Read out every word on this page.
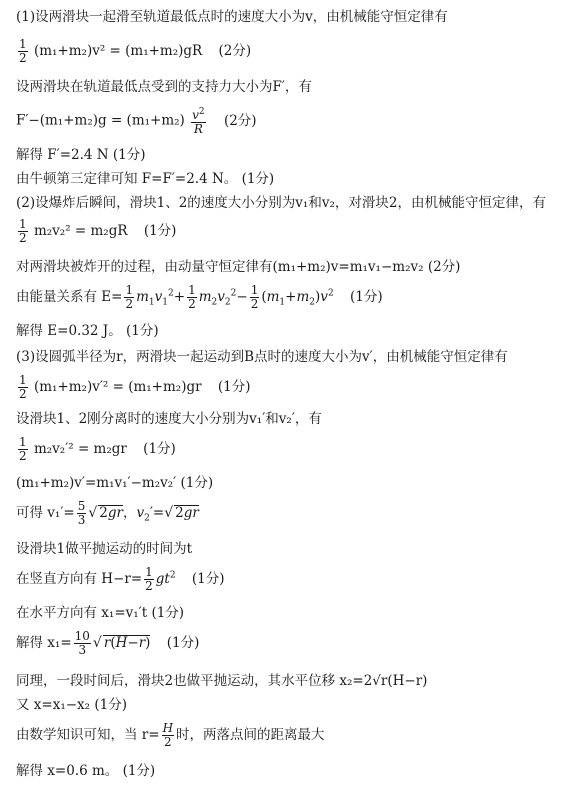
(1)设两滑块一起滑至轨道最低点时的速度大小为v，由机械能守恒定律有
$\frac{1}{2} (m_1+m_2)v^2 = (m_1+m_2)gR$ (2分)
设两滑块在轨道最低点受到的支持力大小为F′，有
$F'-(m_1+m_2)g = (m_1+m_2) \frac{v^2}{R} (2$分)
解得 F′=2.4 N (1分)
由牛顿第三定律可知 F=F′=2.4 N。 (1分)
(2)设爆炸后瞬间，滑块1、2的速度大小分别为v₁和v₂，对滑块2，由机械能守恒定律，有
$\frac{1}{2} m_2v_2^2 = m_2gR$ (1分)
对两滑块被炸开的过程，由动量守恒定律有(m₁+m₂)v=m₁v₁−m₂v₂ (2分)
由能量关系有 $E= \frac{1}{2} m_1v_1^2+ \frac{1}{2} m_2v_2^2- \frac{1}{2} (m_1+m_2)v^2$ (1分)
解得 E=0.32 J。 (1分)
(3)设圆弧半径为r，两滑块一起运动到B点时的速度大小为v′，由机械能守恒定律有
$\frac{1}{2} (m_1+m_2)v'^2 = (m_1+m_2)gr$ (1分)
设滑块1、2刚分离时的速度大小分别为v₁′和v₂′，有
$\frac{1}{2} m_2v_2'^2 = m_2gr$ (1分)
(m₁+m₂)v′=m₁v₁′−m₂v₂′ (1分)
可得 $v_1'= \frac{5}{3}$ √ 2gr，$v_2'=√$ 2gr
设滑块1做平抛运动的时间为t
在竖直方向有 $H-r= \frac{1}{2} gt^2$ (1分)
在水平方向有 x₁=v₁′t (1分)
解得 $x_1= \frac{10}{3}$ √ r(H−r) (1分)
同理，一段时间后，滑块2也做平抛运动，其水平位移 x₂=2√r(H−r)
又 x=x₁−x₂ (1分)
由数学知识可知，当 $r= \frac{H}{2}$ 时，两落点间的距离最大
解得 x=0.6 m。 (1分)
